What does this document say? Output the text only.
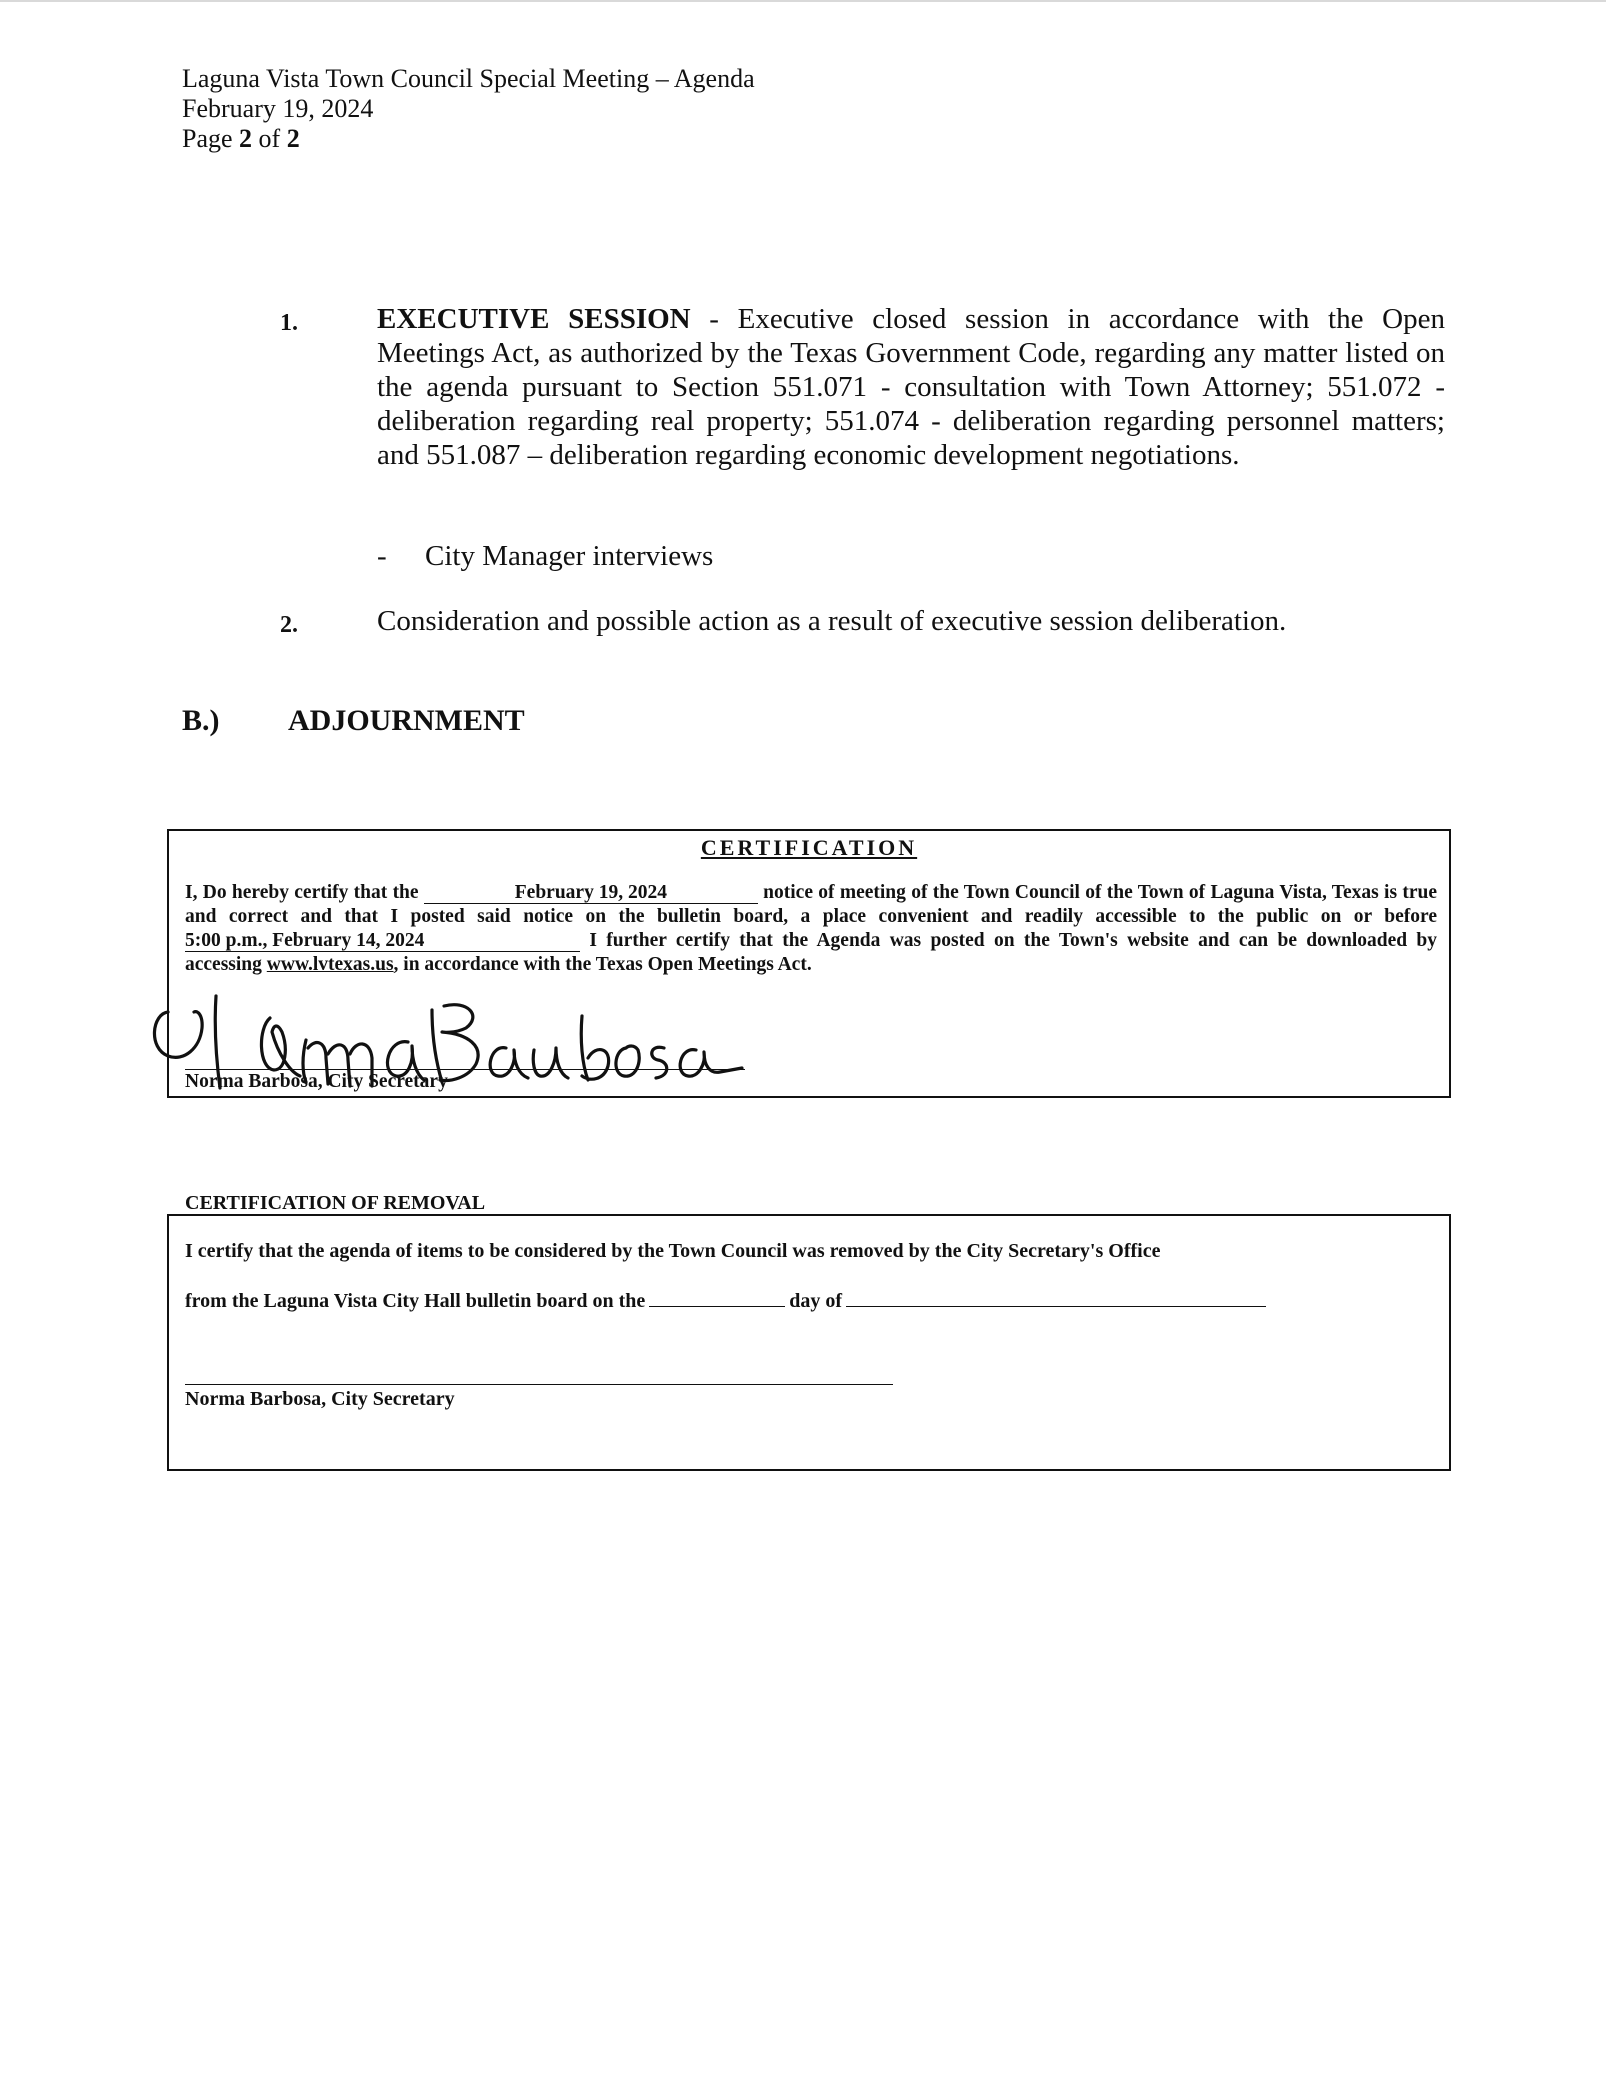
Laguna Vista Town Council Special Meeting – Agenda
February 19, 2024
Page 2 of 2
1.	EXECUTIVE SESSION - Executive closed session in accordance with the Open Meetings Act, as authorized by the Texas Government Code, regarding any matter listed on the agenda pursuant to Section 551.071 - consultation with Town Attorney; 551.072 - deliberation regarding real property; 551.074 - deliberation regarding personnel matters; and 551.087 – deliberation regarding economic development negotiations.
- City Manager interviews
2.	Consideration and possible action as a result of executive session deliberation.
B.) ADJOURNMENT
CERTIFICATION
I, Do hereby certify that the	February 19, 2024	notice of meeting of the Town Council of the Town of Laguna Vista, Texas is true and correct and that I posted said notice on the bulletin board, a place convenient and readily accessible to the public on or before 5:00 p.m., February 14, 2024	I further certify that the Agenda was posted on the Town's website and can be downloaded by accessing www.lvtexas.us, in accordance with the Texas Open Meetings Act.
Norma Barbosa, City Secretary
CERTIFICATION OF REMOVAL
I certify that the agenda of items to be considered by the Town Council was removed by the City Secretary's Office
from the Laguna Vista City Hall bulletin board on the	day of
Norma Barbosa, City Secretary
